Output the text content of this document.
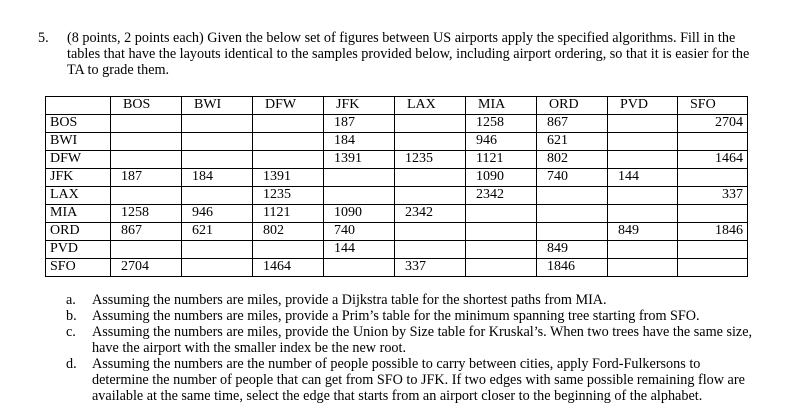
5. (8 points, 2 points each) Given the below set of figures between US airports apply the specified algorithms. Fill in the tables that have the layouts identical to the samples provided below, including airport ordering, so that it is easier for the TA to grade them.
	BOS	BWI	DFW	JFK	LAX	MIA	ORD	PVD	SFO
BOS				187		1258	867		2704
BWI				184		946	621		
DFW				1391	1235	1121	802		1464
JFK	187	184	1391			1090	740	144	
LAX			1235			2342			337
MIA	1258	946	1121	1090	2342				
ORD	867	621	802	740				849	1846
PVD				144			849		
SFO	2704		1464		337		1846		
a. Assuming the numbers are miles, provide a Dijkstra table for the shortest paths from MIA.
b. Assuming the numbers are miles, provide a Prim’s table for the minimum spanning tree starting from SFO.
c. Assuming the numbers are miles, provide the Union by Size table for Kruskal’s. When two trees have the same size, have the airport with the smaller index be the new root.
d. Assuming the numbers are the number of people possible to carry between cities, apply Ford-Fulkersons to determine the number of people that can get from SFO to JFK. If two edges with same possible remaining flow are available at the same time, select the edge that starts from an airport closer to the beginning of the alphabet.
